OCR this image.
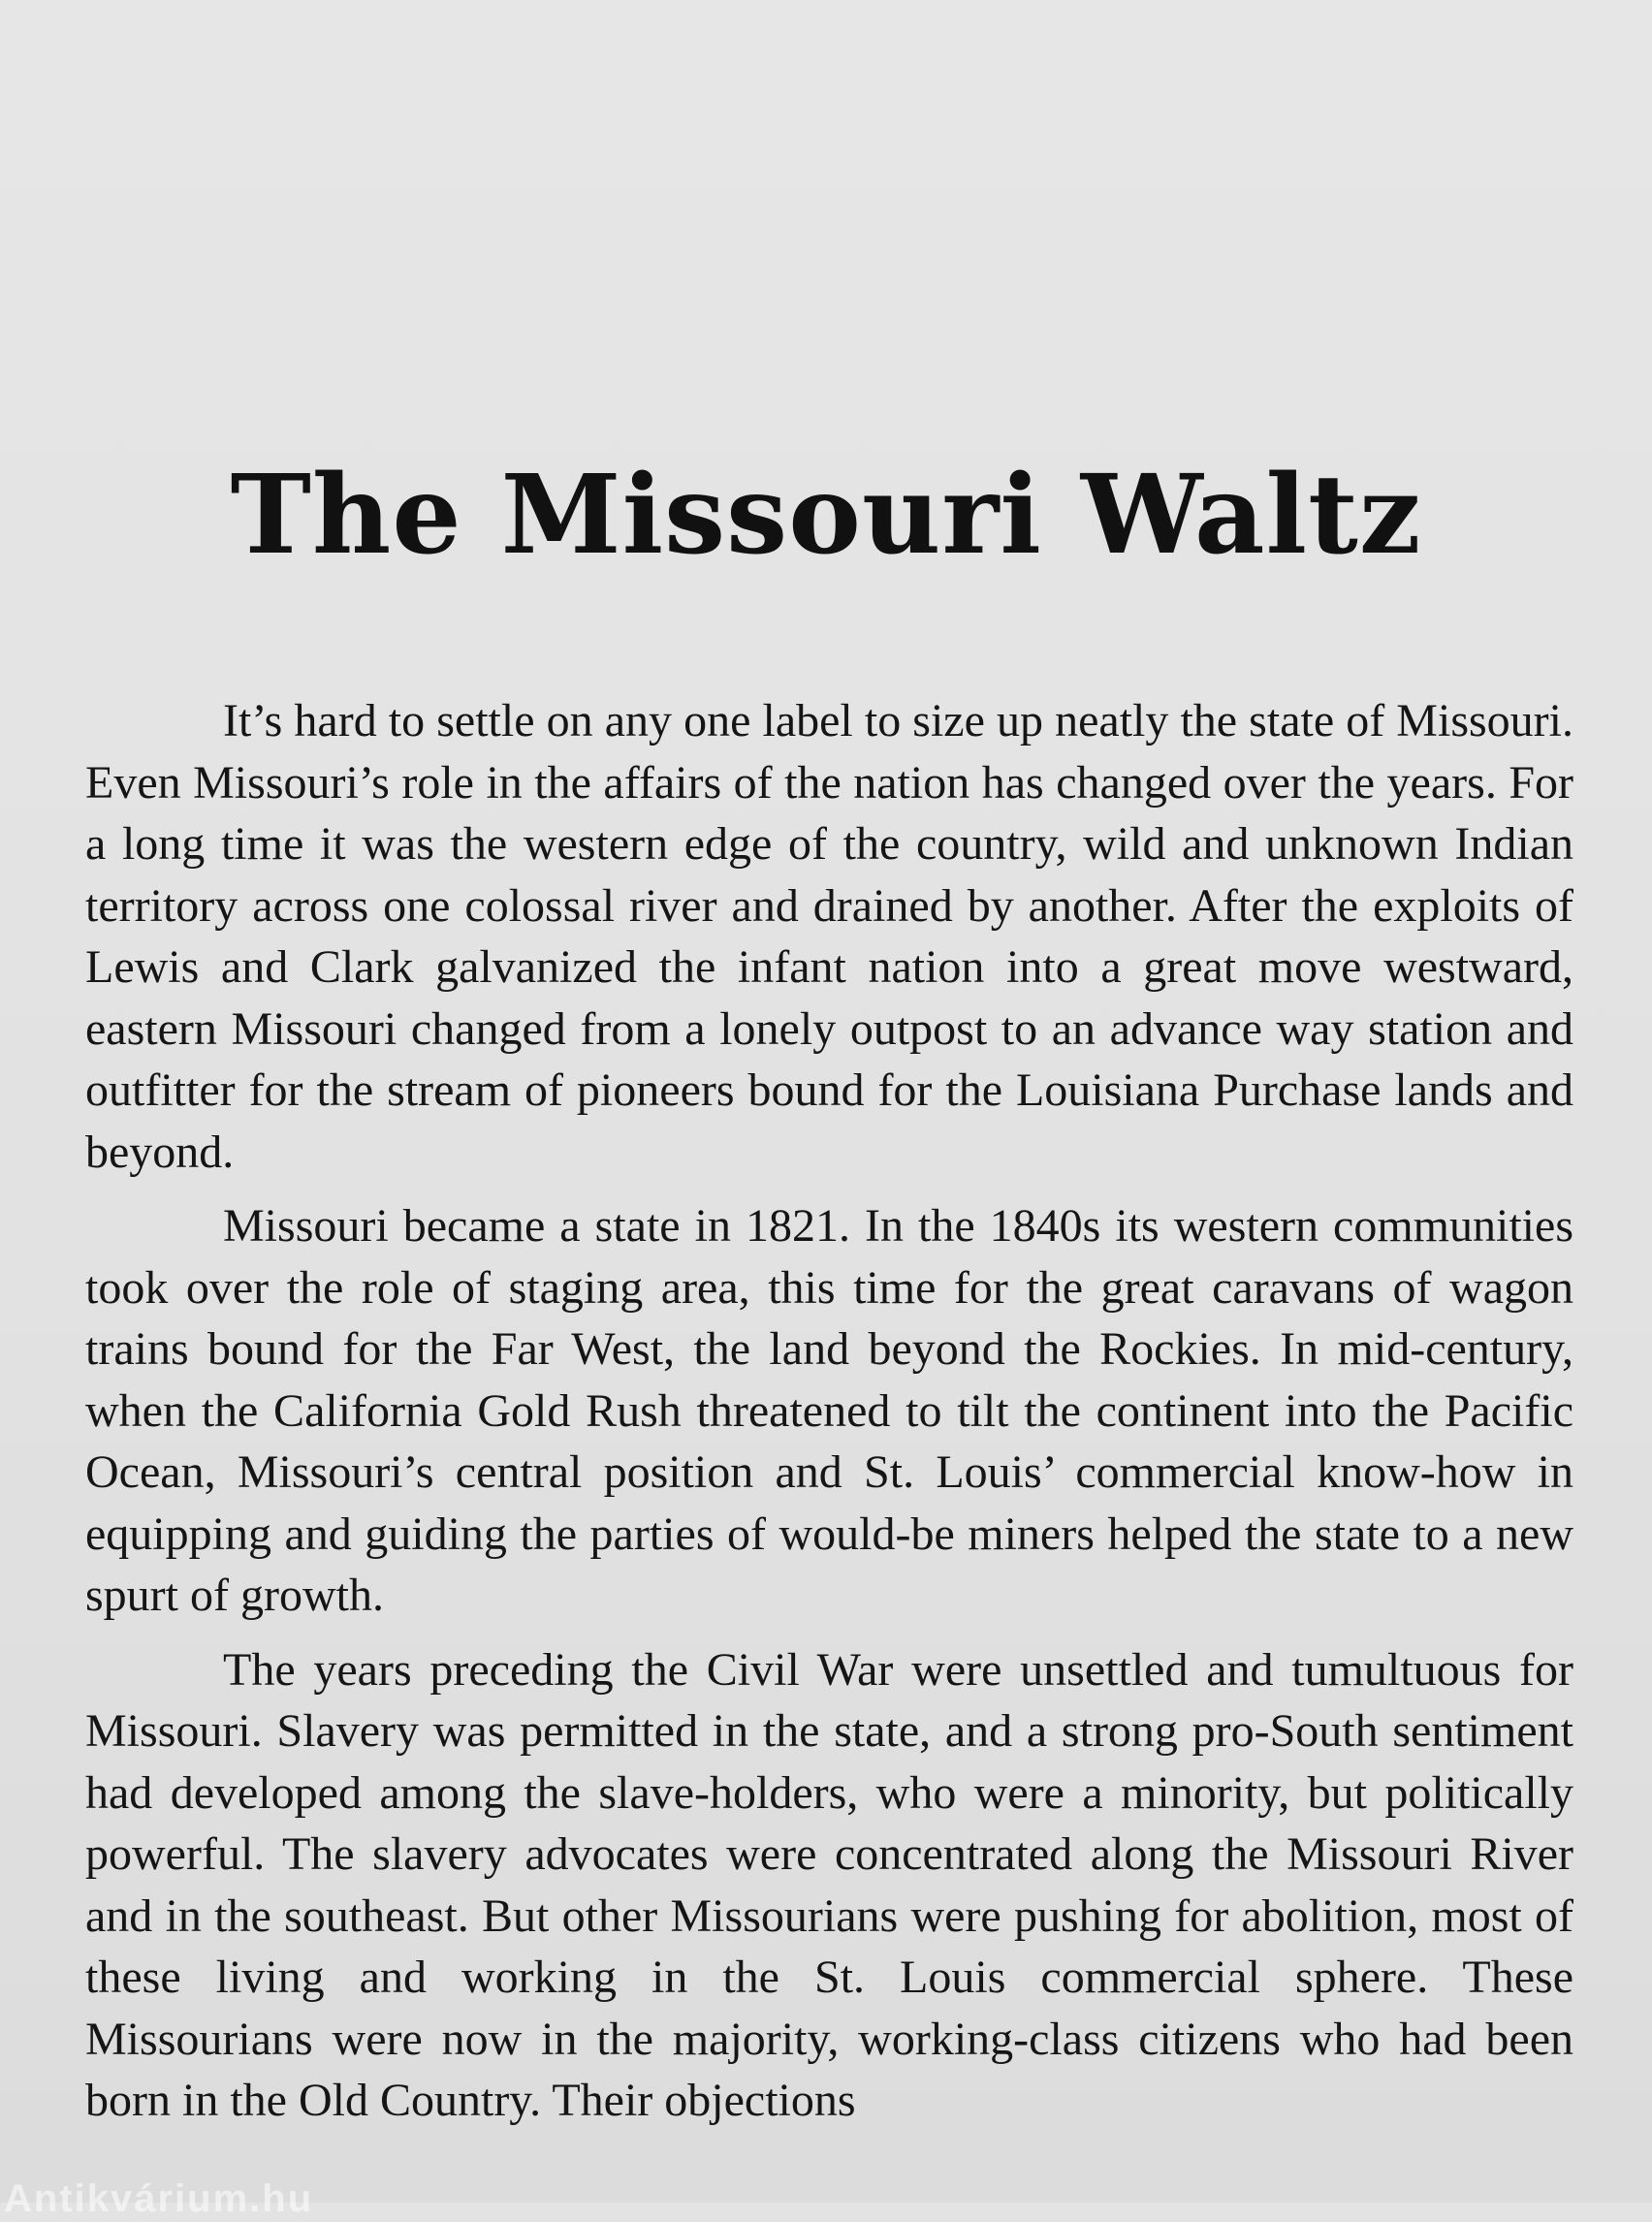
The Missouri Waltz

It’s hard to settle on any one label to size up neatly the state of Missouri. Even Missouri’s role in the affairs of the nation has changed over the years. For a long time it was the western edge of the country, wild and unknown Indian territory across one colossal river and drained by another. After the exploits of Lewis and Clark galvanized the infant nation into a great move westward, eastern Missouri changed from a lonely outpost to an advance way station and outfitter for the stream of pioneers bound for the Louisiana Purchase lands and beyond.

Missouri became a state in 1821. In the 1840s its western communities took over the role of staging area, this time for the great caravans of wagon trains bound for the Far West, the land beyond the Rockies. In mid-century, when the California Gold Rush threatened to tilt the continent into the Pacific Ocean, Missouri’s central position and St. Louis’ commercial know-how in equipping and guiding the parties of would-be miners helped the state to a new spurt of growth.

The years preceding the Civil War were unsettled and tumultuous for Missouri. Slavery was permitted in the state, and a strong pro-South sentiment had developed among the slave-holders, who were a minority, but politically powerful. The slavery advocates were concentrated along the Missouri River and in the southeast. But other Missourians were pushing for abolition, most of these living and working in the St. Louis commercial sphere. These Missourians were now in the majority, working-class citizens who had been born in the Old Country. Their objections

Antikvárium.hu
